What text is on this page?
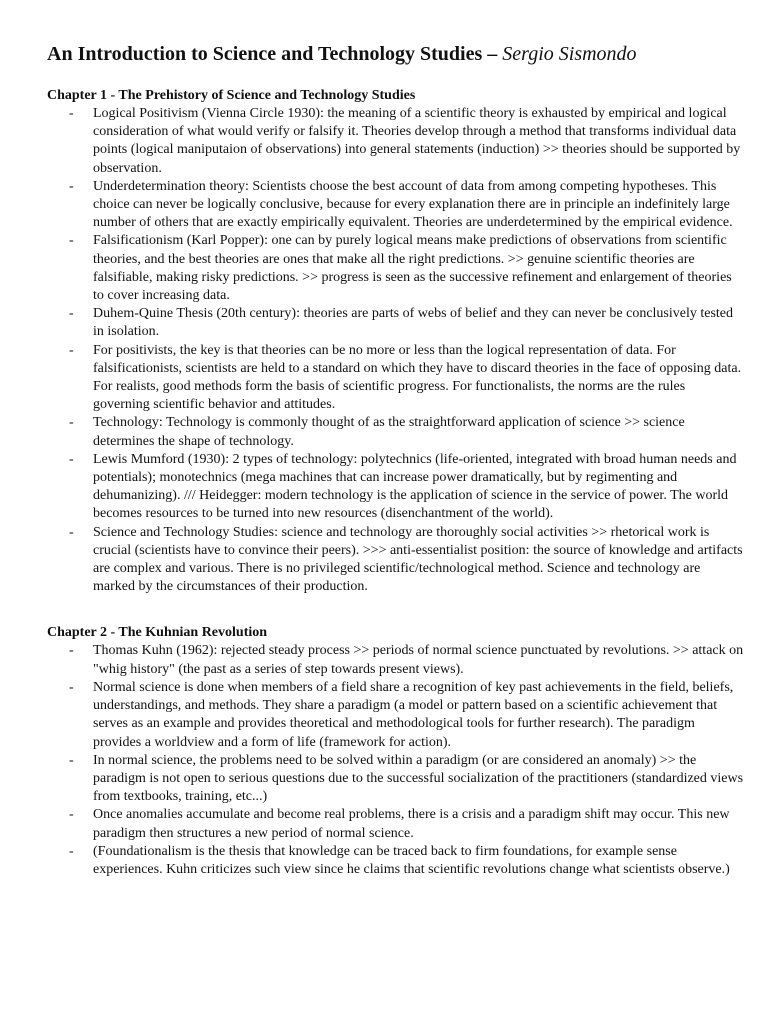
An Introduction to Science and Technology Studies – Sergio Sismondo
Chapter 1 - The Prehistory of Science and Technology Studies
- Logical Positivism (Vienna Circle 1930): the meaning of a scientific theory is exhausted by empirical and logical consideration of what would verify or falsify it. Theories develop through a method that transforms individual data points (logical maniputaion of observations) into general statements (induction) >> theories should be supported by observation.
- Underdetermination theory: Scientists choose the best account of data from among competing hypotheses. This choice can never be logically conclusive, because for every explanation there are in principle an indefinitely large number of others that are exactly empirically equivalent. Theories are underdetermined by the empirical evidence.
- Falsificationism (Karl Popper): one can by purely logical means make predictions of observations from scientific theories, and the best theories are ones that make all the right predictions. >> genuine scientific theories are falsifiable, making risky predictions. >> progress is seen as the successive refinement and enlargement of theories to cover increasing data.
- Duhem-Quine Thesis (20th century): theories are parts of webs of belief and they can never be conclusively tested in isolation.
- For positivists, the key is that theories can be no more or less than the logical representation of data. For falsificationists, scientists are held to a standard on which they have to discard theories in the face of opposing data. For realists, good methods form the basis of scientific progress. For functionalists, the norms are the rules governing scientific behavior and attitudes.
- Technology: Technology is commonly thought of as the straightforward application of science >> science determines the shape of technology.
- Lewis Mumford (1930): 2 types of technology: polytechnics (life-oriented, integrated with broad human needs and potentials); monotechnics (mega machines that can increase power dramatically, but by regimenting and dehumanizing). /// Heidegger: modern technology is the application of science in the service of power. The world becomes resources to be turned into new resources (disenchantment of the world).
- Science and Technology Studies: science and technology are thoroughly social activities >> rhetorical work is crucial (scientists have to convince their peers). >>> anti-essentialist position: the source of knowledge and artifacts are complex and various. There is no privileged scientific/technological method. Science and technology are marked by the circumstances of their production.
Chapter 2 - The Kuhnian Revolution
- Thomas Kuhn (1962): rejected steady process >> periods of normal science punctuated by revolutions. >> attack on "whig history" (the past as a series of step towards present views).
- Normal science is done when members of a field share a recognition of key past achievements in the field, beliefs, understandings, and methods. They share a paradigm (a model or pattern based on a scientific achievement that serves as an example and provides theoretical and methodological tools for further research). The paradigm provides a worldview and a form of life (framework for action).
- In normal science, the problems need to be solved within a paradigm (or are considered an anomaly) >> the paradigm is not open to serious questions due to the successful socialization of the practitioners (standardized views from textbooks, training, etc...)
- Once anomalies accumulate and become real problems, there is a crisis and a paradigm shift may occur. This new paradigm then structures a new period of normal science.
- (Foundationalism is the thesis that knowledge can be traced back to firm foundations, for example sense experiences. Kuhn criticizes such view since he claims that scientific revolutions change what scientists observe.)
